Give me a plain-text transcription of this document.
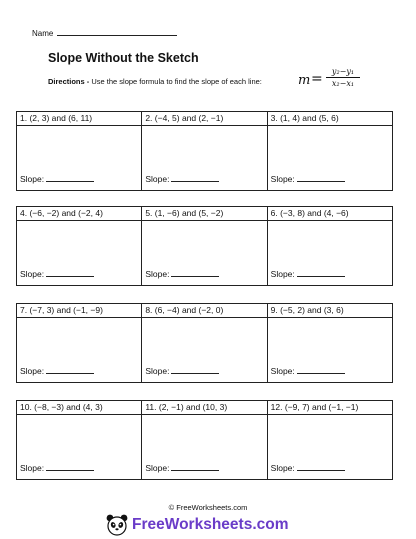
Name
Slope Without the Sketch
Directions - Use the slope formula to find the slope of each line:	$m = \frac{\text{y₂−y₁}}{\text{x₂−x₁}}$
1. (2, 3) and (6, 11)
Slope:
2. (−4, 5) and (2, −1)
Slope:
3. (1, 4) and (5, 6)
Slope:
4. (−6, −2) and (−2, 4)
Slope:
5. (1, −6) and (5, −2)
Slope:
6. (−3, 8) and (4, −6)
Slope:
7. (−7, 3) and (−1, −9)
Slope:
8. (6, −4) and (−2, 0)
Slope:
9. (−5, 2) and (3, 6)
Slope:
10. (−8, −3) and (4, 3)
Slope:
11. (2, −1) and (10, 3)
Slope:
12. (−9, 7) and (−1, −1)
Slope:
© FreeWorksheets.com
FreeWorksheets.com
